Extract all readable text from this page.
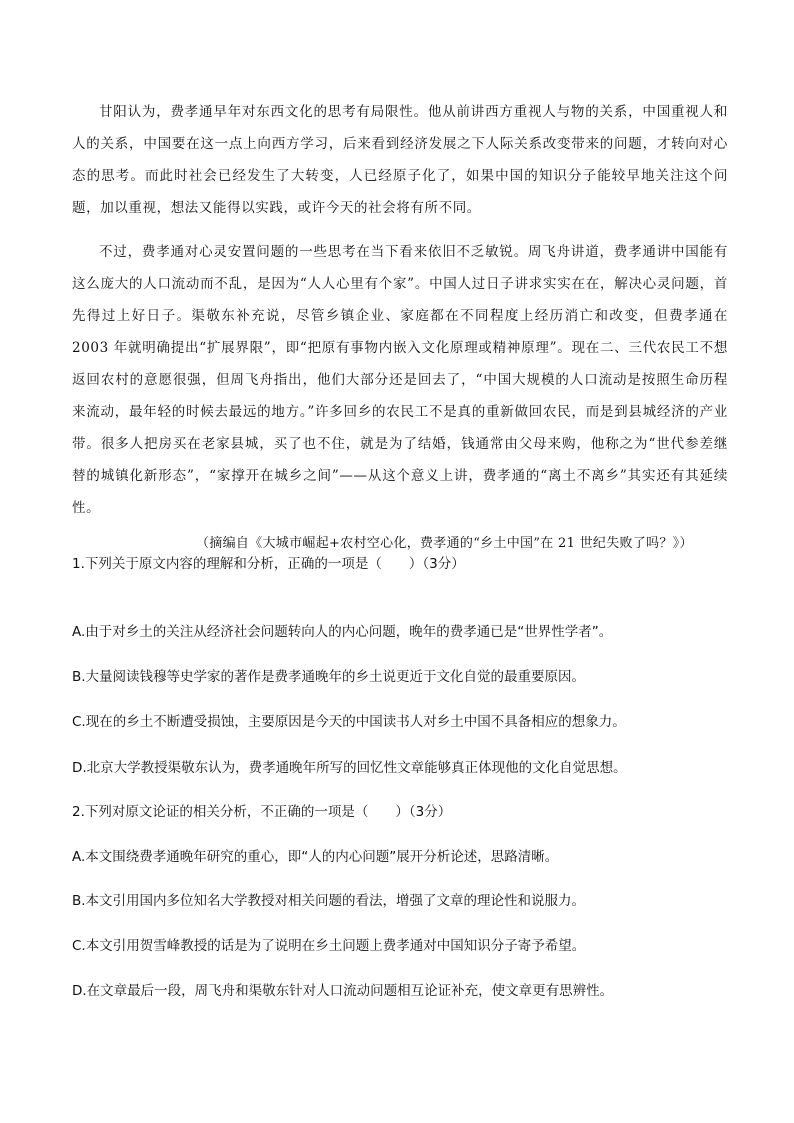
甘阳认为，费孝通早年对东西文化的思考有局限性。他从前讲西方重视人与物的关系，中国重视人和人的关系，中国要在这一点上向西方学习，后来看到经济发展之下人际关系改变带来的问题，才转向对心态的思考。而此时社会已经发生了大转变，人已经原子化了，如果中国的知识分子能较早地关注这个问题，加以重视，想法又能得以实践，或许今天的社会将有所不同。

不过，费孝通对心灵安置问题的一些思考在当下看来依旧不乏敏锐。周飞舟讲道，费孝通讲中国能有这么庞大的人口流动而不乱，是因为“人人心里有个家”。中国人过日子讲求实实在在，解决心灵问题，首先得过上好日子。渠敬东补充说，尽管乡镇企业、家庭都在不同程度上经历消亡和改变，但费孝通在 2003 年就明确提出“扩展界限”，即“把原有事物内嵌入文化原理或精神原理”。现在二、三代农民工不想返回农村的意愿很强，但周飞舟指出，他们大部分还是回去了，“中国大规模的人口流动是按照生命历程来流动，最年轻的时候去最远的地方。”许多回乡的农民工不是真的重新做回农民，而是到县城经济的产业带。很多人把房买在老家县城，买了也不住，就是为了结婚，钱通常由父母来购，他称之为“世代参差继替的城镇化新形态”，“家撑开在城乡之间”——从这个意义上讲，费孝通的“离土不离乡”其实还有其延续性。

（摘编自《大城市崛起+农村空心化，费孝通的“乡土中国”在 21 世纪失败了吗？》）

1.下列关于原文内容的理解和分析，正确的一项是（　　）（3分）

A.由于对乡土的关注从经济社会问题转向人的内心问题，晚年的费孝通已是“世界性学者”。

B.大量阅读钱穆等史学家的著作是费孝通晚年的乡土说更近于文化自觉的最重要原因。

C.现在的乡土不断遭受损蚀，主要原因是今天的中国读书人对乡土中国不具备相应的想象力。

D.北京大学教授渠敬东认为，费孝通晚年所写的回忆性文章能够真正体现他的文化自觉思想。

2.下列对原文论证的相关分析，不正确的一项是（　　）（3分）

A.本文围绕费孝通晚年研究的重心，即“人的内心问题”展开分析论述，思路清晰。

B.本文引用国内多位知名大学教授对相关问题的看法，增强了文章的理论性和说服力。

C.本文引用贺雪峰教授的话是为了说明在乡土问题上费孝通对中国知识分子寄予希望。

D.在文章最后一段，周飞舟和渠敬东针对人口流动问题相互论证补充，使文章更有思辨性。
